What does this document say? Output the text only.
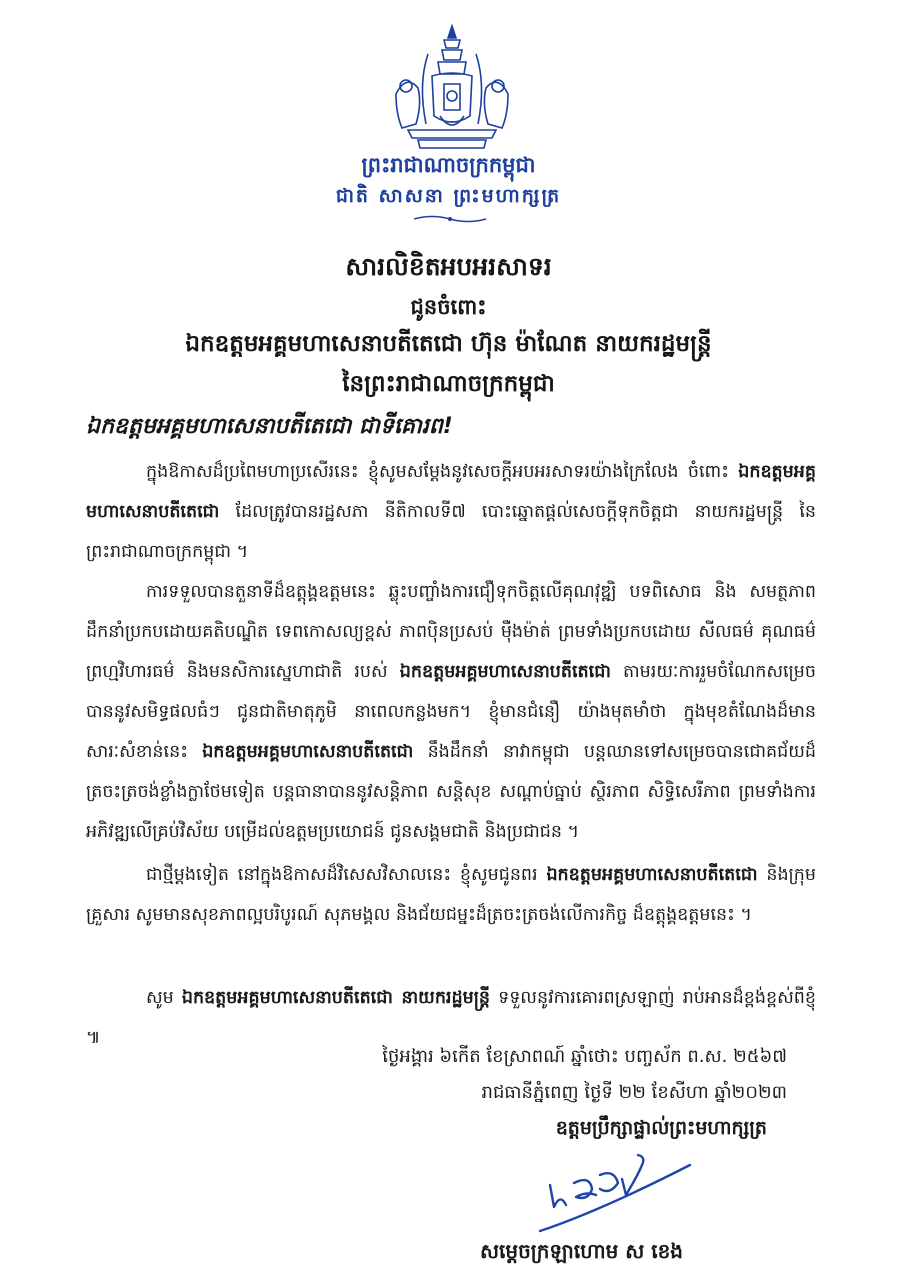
ព្រះរាជាណាចក្រកម្ពុជា
ជាតិ សាសនា ព្រះមហាក្សត្រ
សារលិខិតអបអរសាទរ
ជូនចំពោះ
ឯកឧត្តមអគ្គមហាសេនាបតីតេជោ ហ៊ុន ម៉ាណែត នាយករដ្ឋមន្ត្រី
នៃព្រះរាជាណាចក្រកម្ពុជា
ឯកឧត្តមអគ្គមហាសេនាបតីតេជោ ជាទីគោរព!
ក្នុងឱកាសដ៏ប្រពៃមហាប្រសើរនេះ ខ្ញុំសូមសម្ដែងនូវសេចក្ដីអបអរសាទរយ៉ាងក្រៃលែង ចំពោះ ឯកឧត្តមអគ្គមហាសេនាបតីតេជោ ដែលត្រូវបានរដ្ឋសភា នីតិកាលទី៧ បោះឆ្នោតផ្ដល់សេចក្ដីទុកចិត្តជា នាយករដ្ឋមន្ត្រី នៃព្រះរាជាណាចក្រកម្ពុជា ។
ការទទួលបានតួនាទីដ៏ឧត្តុង្គឧត្តមនេះ ឆ្លុះបញ្ចាំងការជឿទុកចិត្តលើគុណវុឌ្ឍិ បទពិសោធ និង សមត្ថភាពដឹកនាំប្រកបដោយគតិបណ្ឌិត ទេពកោសល្យខ្ពស់ ភាពប៉ិនប្រសប់ ម៉ឺងម៉ាត់ ព្រមទាំងប្រកបដោយ សីលធម៌ គុណធម៌ ព្រហ្មវិហារធម៌ និងមនសិការស្នេហាជាតិ របស់ ឯកឧត្តមអគ្គមហាសេនាបតីតេជោ តាមរយៈការរួមចំណែកសម្រេចបាននូវសមិទ្ធផលធំៗ ជូនជាតិមាតុភូមិ នាពេលកន្លងមក។ ខ្ញុំមានជំនឿ យ៉ាងមុតមាំថា ក្នុងមុខតំណែងដ៏មានសារៈសំខាន់នេះ ឯកឧត្តមអគ្គមហាសេនាបតីតេជោ នឹងដឹកនាំ នាវាកម្ពុជា បន្តឈានទៅសម្រេចបានជោគជ័យដ៏ត្រចះត្រចង់ខ្លាំងក្លាថែមទៀត បន្តធានាបាននូវសន្តិភាព សន្តិសុខ សណ្ដាប់ធ្នាប់ ស្ថិរភាព សិទ្ធិសេរីភាព ព្រមទាំងការអភិវឌ្ឍលើគ្រប់វិស័យ បម្រើដល់ឧត្តមប្រយោជន៍ ជូនសង្គមជាតិ និងប្រជាជន ។
ជាថ្មីម្ដងទៀត នៅក្នុងឱកាសដ៏វិសេសវិសាលនេះ ខ្ញុំសូមជូនពរ ឯកឧត្តមអគ្គមហាសេនាបតីតេជោ និងក្រុមគ្រួសារ សូមមានសុខភាពល្អបរិបូរណ៍ សុភមង្គល និងជ័យជម្នះដ៏ត្រចះត្រចង់លើការកិច្ច ដ៏ឧត្តុង្គឧត្តមនេះ ។
សូម ឯកឧត្តមអគ្គមហាសេនាបតីតេជោ នាយករដ្ឋមន្ត្រី ទទួលនូវការគោរពស្រឡាញ់ រាប់អានដ៏ខ្ពង់ខ្ពស់ពីខ្ញុំ ៕
ថ្ងៃអង្គារ ៦កើត ខែស្រាពណ៍ ឆ្នាំថោះ បញ្ចស័ក ព.ស. ២៥៦៧
រាជធានីភ្នំពេញ ថ្ងៃទី ២២ ខែសីហា ឆ្នាំ២០២៣
ឧត្តមប្រឹក្សាផ្ទាល់ព្រះមហាក្សត្រ
សម្ដេចក្រឡាហោម ស ខេង
